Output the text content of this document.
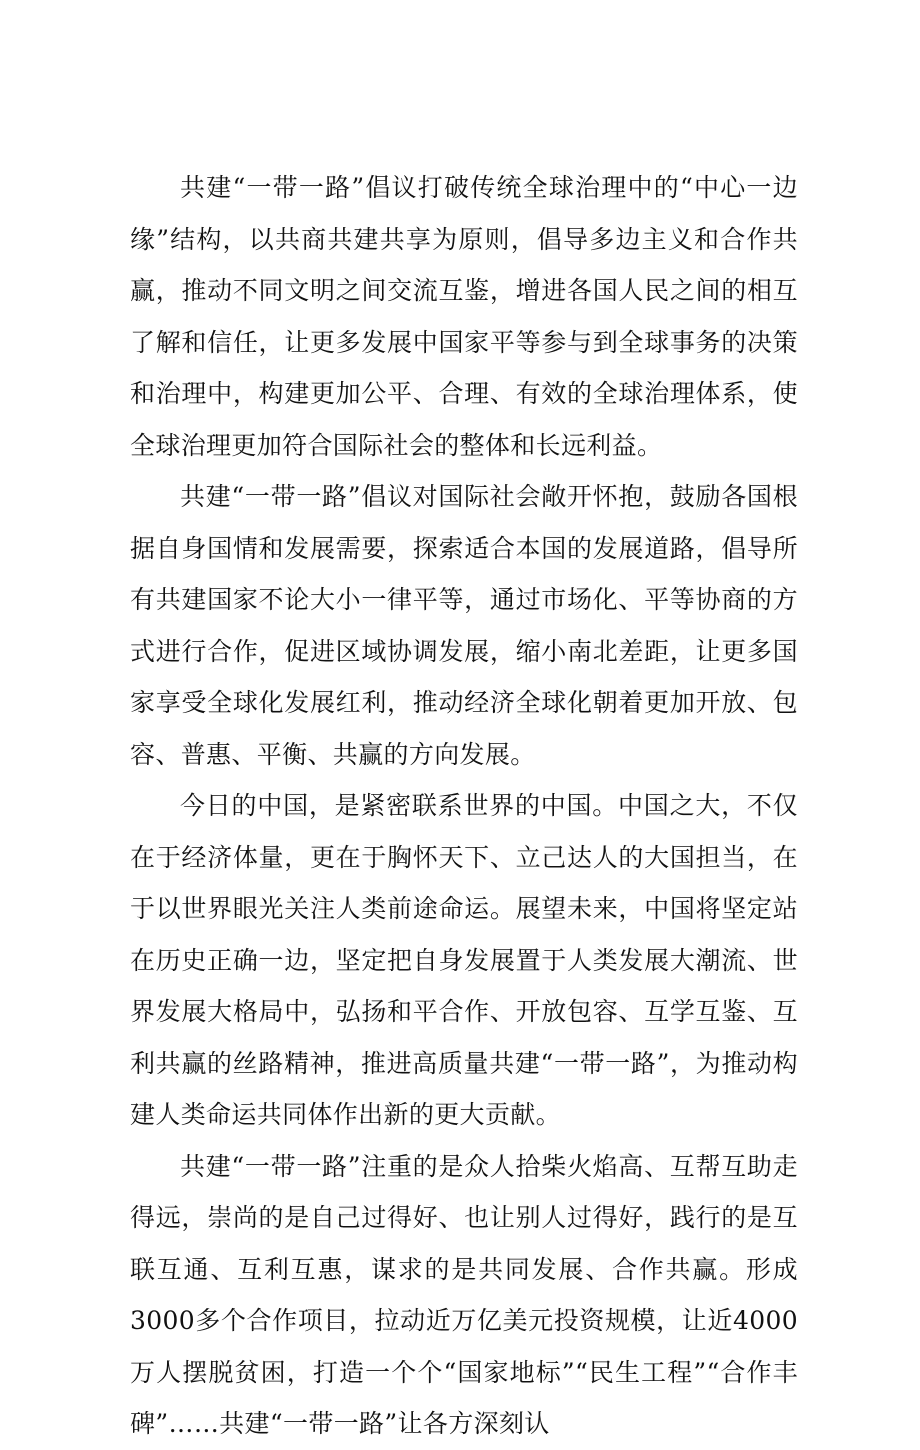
共建“一带一路”倡议打破传统全球治理中的“中心一边缘”结构，以共商共建共享为原则，倡导多边主义和合作共赢，推动不同文明之间交流互鉴，增进各国人民之间的相互了解和信任，让更多发展中国家平等参与到全球事务的决策和治理中，构建更加公平、合理、有效的全球治理体系，使全球治理更加符合国际社会的整体和长远利益。

共建“一带一路”倡议对国际社会敞开怀抱，鼓励各国根据自身国情和发展需要，探索适合本国的发展道路，倡导所有共建国家不论大小一律平等，通过市场化、平等协商的方式进行合作，促进区域协调发展，缩小南北差距，让更多国家享受全球化发展红利，推动经济全球化朝着更加开放、包容、普惠、平衡、共赢的方向发展。

今日的中国，是紧密联系世界的中国。中国之大，不仅在于经济体量，更在于胸怀天下、立己达人的大国担当，在于以世界眼光关注人类前途命运。展望未来，中国将坚定站在历史正确一边，坚定把自身发展置于人类发展大潮流、世界发展大格局中，弘扬和平合作、开放包容、互学互鉴、互利共赢的丝路精神，推进高质量共建“一带一路”，为推动构建人类命运共同体作出新的更大贡献。

共建“一带一路”注重的是众人拾柴火焰高、互帮互助走得远，崇尚的是自己过得好、也让别人过得好，践行的是互联互通、互利互惠，谋求的是共同发展、合作共赢。形成3000多个合作项目，拉动近万亿美元投资规模，让近4000万人摆脱贫困，打造一个个“国家地标”“民生工程”“合作丰碑”……共建“一带一路”让各方深刻认
